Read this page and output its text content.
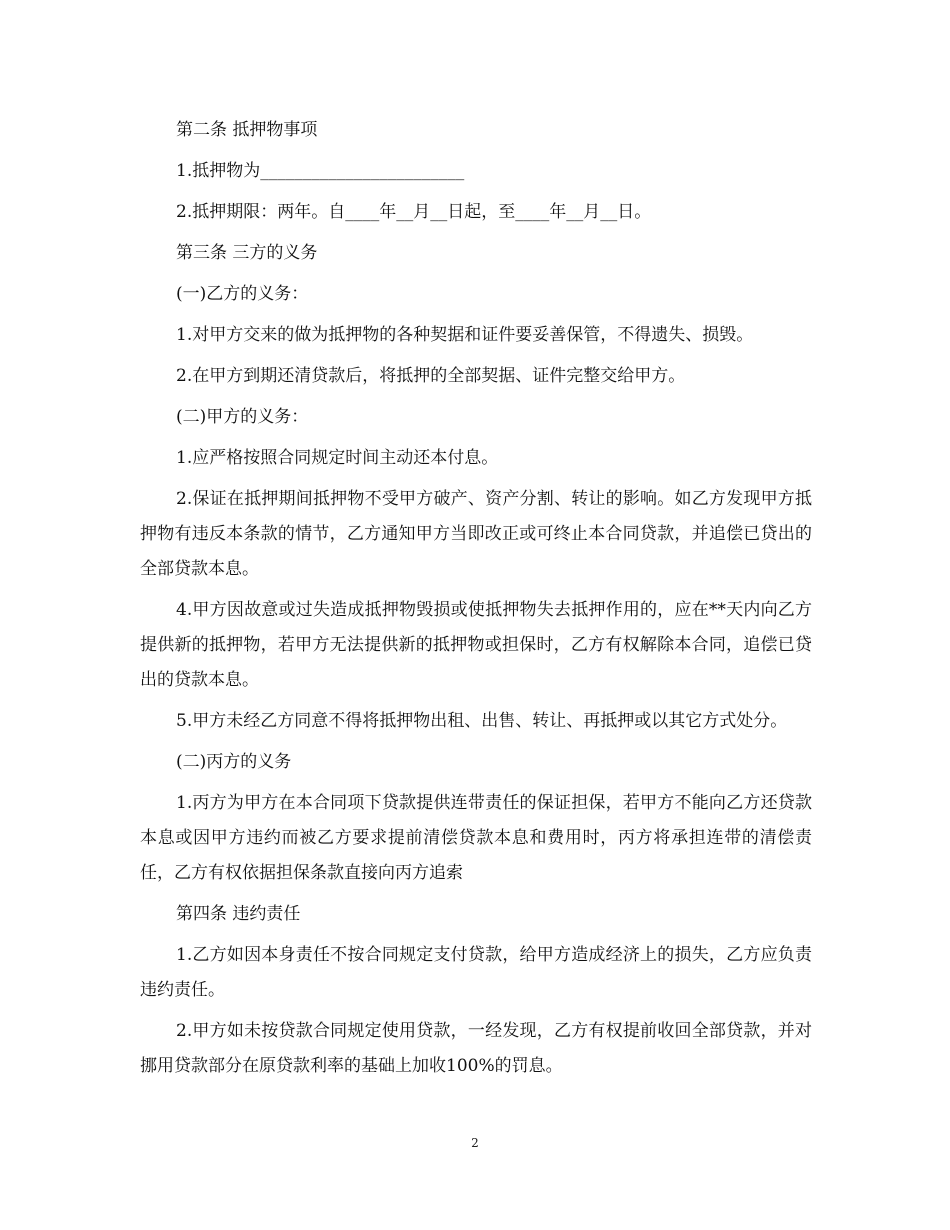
第二条 抵押物事项
1.抵押物为________________________
2.抵押期限：两年。自____年__月__日起，至____年__月__日。
第三条 三方的义务
(一)乙方的义务：
1.对甲方交来的做为抵押物的各种契据和证件要妥善保管，不得遗失、损毁。
2.在甲方到期还清贷款后，将抵押的全部契据、证件完整交给甲方。
(二)甲方的义务：
1.应严格按照合同规定时间主动还本付息。
2.保证在抵押期间抵押物不受甲方破产、资产分割、转让的影响。如乙方发现甲方抵押物有违反本条款的情节，乙方通知甲方当即改正或可终止本合同贷款，并追偿已贷出的全部贷款本息。
4.甲方因故意或过失造成抵押物毁损或使抵押物失去抵押作用的，应在**天内向乙方提供新的抵押物，若甲方无法提供新的抵押物或担保时，乙方有权解除本合同，追偿已贷出的贷款本息。
5.甲方未经乙方同意不得将抵押物出租、出售、转让、再抵押或以其它方式处分。
(二)丙方的义务
1.丙方为甲方在本合同项下贷款提供连带责任的保证担保，若甲方不能向乙方还贷款本息或因甲方违约而被乙方要求提前清偿贷款本息和费用时，丙方将承担连带的清偿责任，乙方有权依据担保条款直接向丙方追索
第四条 违约责任
1.乙方如因本身责任不按合同规定支付贷款，给甲方造成经济上的损失，乙方应负责违约责任。
2.甲方如未按贷款合同规定使用贷款，一经发现，乙方有权提前收回全部贷款，并对挪用贷款部分在原贷款利率的基础上加收100%的罚息。
2
